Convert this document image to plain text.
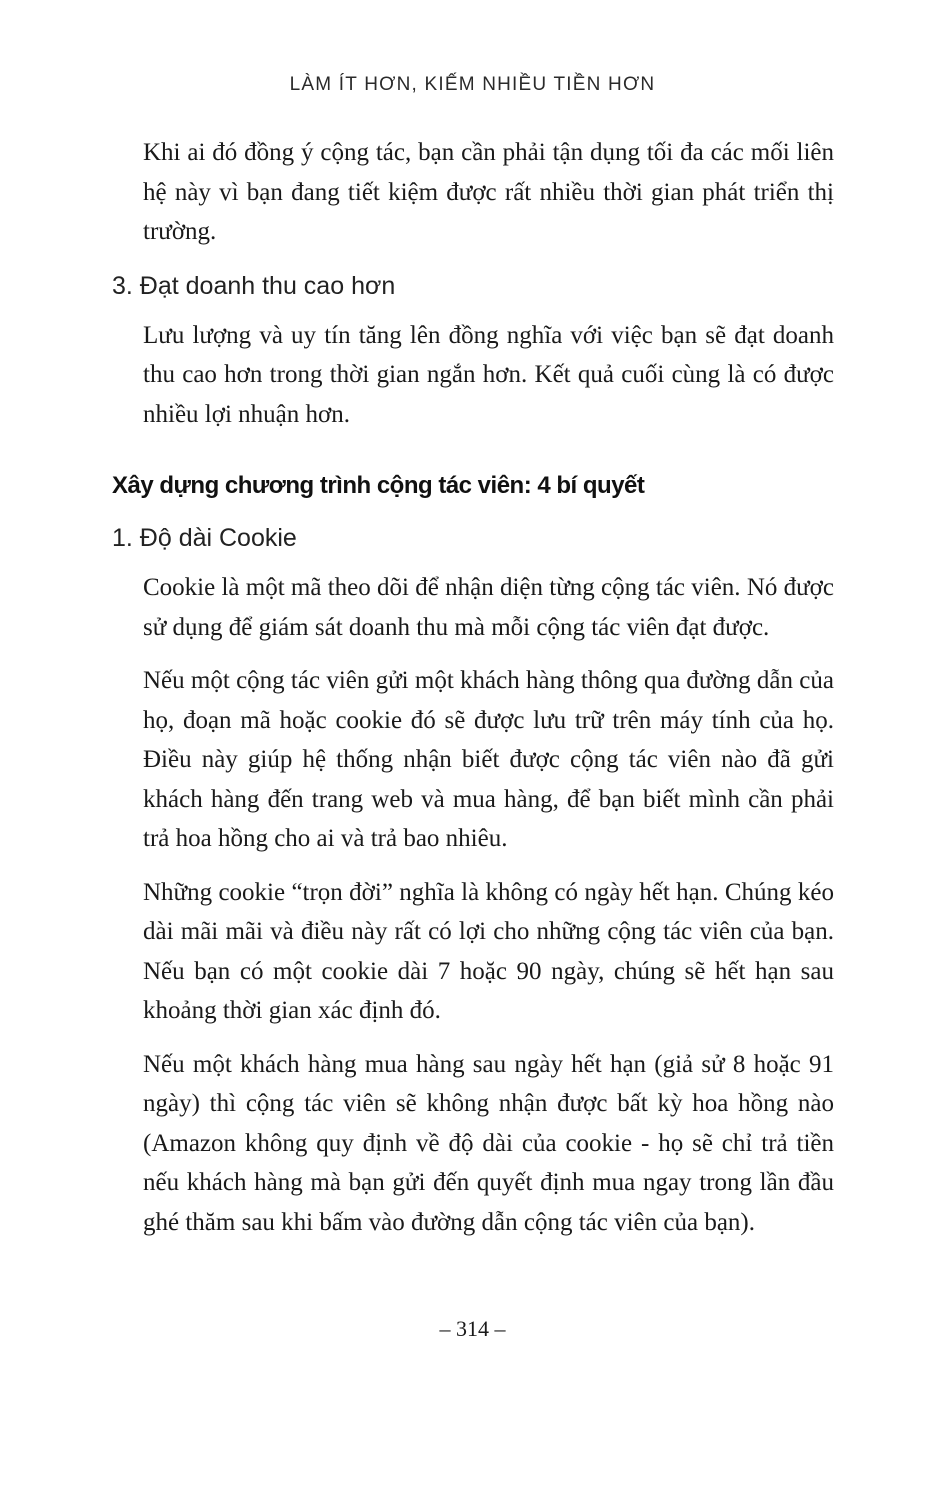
LÀM ÍT HƠN, KIẾM NHIỀU TIỀN HƠN

Khi ai đó đồng ý cộng tác, bạn cần phải tận dụng tối đa các mối liên hệ này vì bạn đang tiết kiệm được rất nhiều thời gian phát triển thị trường.

3. Đạt doanh thu cao hơn

Lưu lượng và uy tín tăng lên đồng nghĩa với việc bạn sẽ đạt doanh thu cao hơn trong thời gian ngắn hơn. Kết quả cuối cùng là có được nhiều lợi nhuận hơn.

Xây dựng chương trình cộng tác viên: 4 bí quyết
1. Độ dài Cookie

Cookie là một mã theo dõi để nhận diện từng cộng tác viên. Nó được sử dụng để giám sát doanh thu mà mỗi cộng tác viên đạt được.

Nếu một cộng tác viên gửi một khách hàng thông qua đường dẫn của họ, đoạn mã hoặc cookie đó sẽ được lưu trữ trên máy tính của họ. Điều này giúp hệ thống nhận biết được cộng tác viên nào đã gửi khách hàng đến trang web và mua hàng, để bạn biết mình cần phải trả hoa hồng cho ai và trả bao nhiêu.

Những cookie “trọn đời” nghĩa là không có ngày hết hạn. Chúng kéo dài mãi mãi và điều này rất có lợi cho những cộng tác viên của bạn. Nếu bạn có một cookie dài 7 hoặc 90 ngày, chúng sẽ hết hạn sau khoảng thời gian xác định đó.

Nếu một khách hàng mua hàng sau ngày hết hạn (giả sử 8 hoặc 91 ngày) thì cộng tác viên sẽ không nhận được bất kỳ hoa hồng nào (Amazon không quy định về độ dài của cookie - họ sẽ chỉ trả tiền nếu khách hàng mà bạn gửi đến quyết định mua ngay trong lần đầu ghé thăm sau khi bấm vào đường dẫn cộng tác viên của bạn).

– 314 –
